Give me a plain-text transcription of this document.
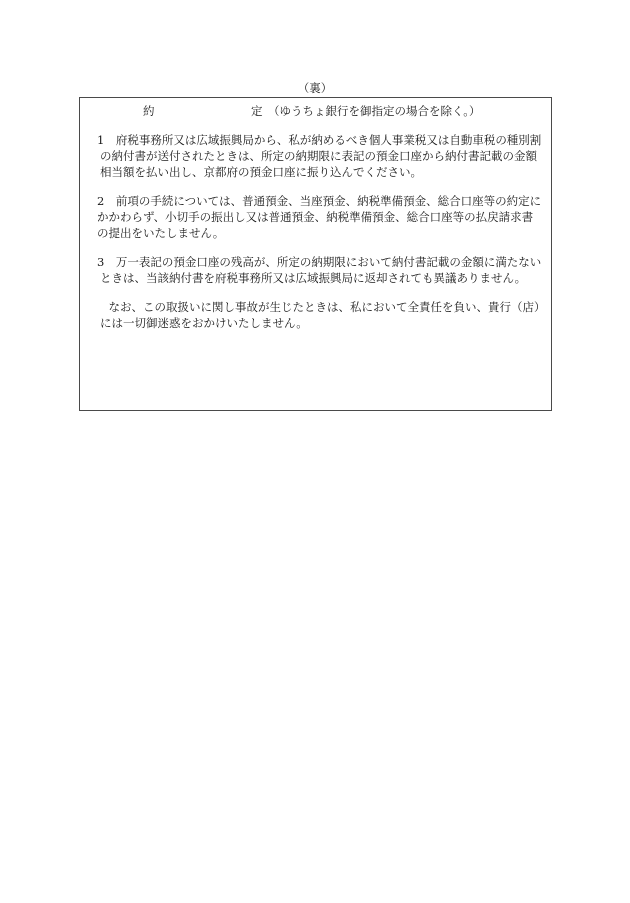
（裏）
約	定 （ゆうちょ銀行を御指定の場合を除く。）
1　府税事務所又は広域振興局から、私が納めるべき個人事業税又は自動車税の種別割
の納付書が送付されたときは、所定の納期限に表記の預金口座から納付書記載の金額
相当額を払い出し、京都府の預金口座に振り込んでください。
2　前項の手続については、普通預金、当座預金、納税準備預金、総合口座等の約定に
かかわらず、小切手の振出し又は普通預金、納税準備預金、総合口座等の払戻請求書
の提出をいたしません。
3　万一表記の預金口座の残高が、所定の納期限において納付書記載の金額に満たない
ときは、当該納付書を府税事務所又は広域振興局に返却されても異議ありません。
　なお、この取扱いに関し事故が生じたときは、私において全責任を負い、貴行（店）
には一切御迷惑をおかけいたしません。
